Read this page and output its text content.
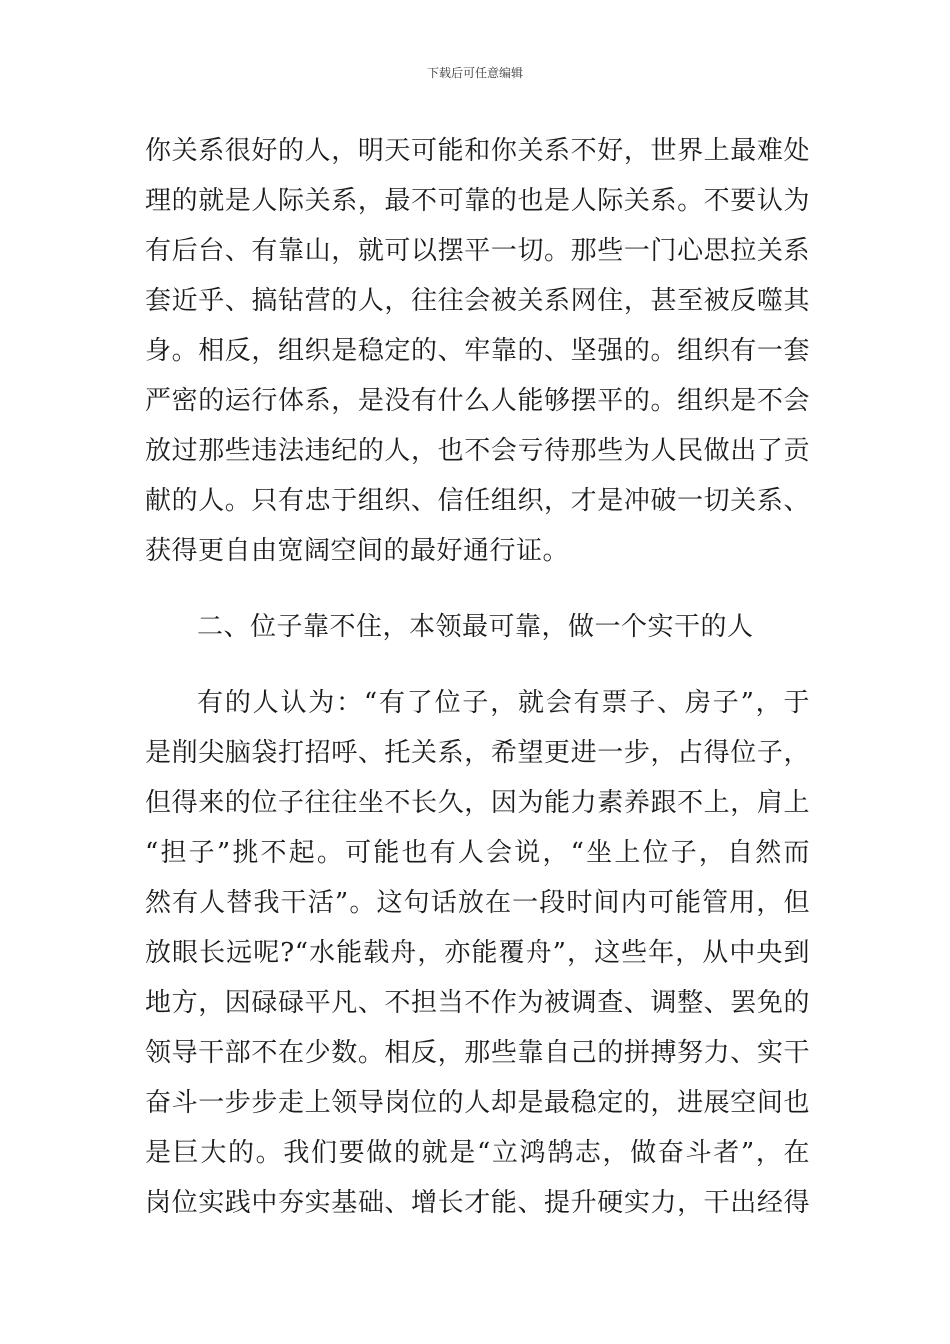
下载后可任意编辑
你关系很好的人，明天可能和你关系不好，世界上最难处
理的就是人际关系，最不可靠的也是人际关系。不要认为
有后台、有靠山，就可以摆平一切。那些一门心思拉关系
套近乎、搞钻营的人，往往会被关系网住，甚至被反噬其
身。相反，组织是稳定的、牢靠的、坚强的。组织有一套
严密的运行体系，是没有什么人能够摆平的。组织是不会
放过那些违法违纪的人，也不会亏待那些为人民做出了贡
献的人。只有忠于组织、信任组织，才是冲破一切关系、
获得更自由宽阔空间的最好通行证。
二、位子靠不住，本领最可靠，做一个实干的人
有的人认为：“有了位子，就会有票子、房子”，于
是削尖脑袋打招呼、托关系，希望更进一步，占得位子，
但得来的位子往往坐不长久，因为能力素养跟不上，肩上
“担子”挑不起。可能也有人会说，“坐上位子，自然而
然有人替我干活”。这句话放在一段时间内可能管用，但
放眼长远呢?“水能载舟，亦能覆舟”，这些年，从中央到
地方，因碌碌平凡、不担当不作为被调查、调整、罢免的
领导干部不在少数。相反，那些靠自己的拼搏努力、实干
奋斗一步步走上领导岗位的人却是最稳定的，进展空间也
是巨大的。我们要做的就是“立鸿鹄志，做奋斗者”，在
岗位实践中夯实基础、增长才能、提升硬实力，干出经得
